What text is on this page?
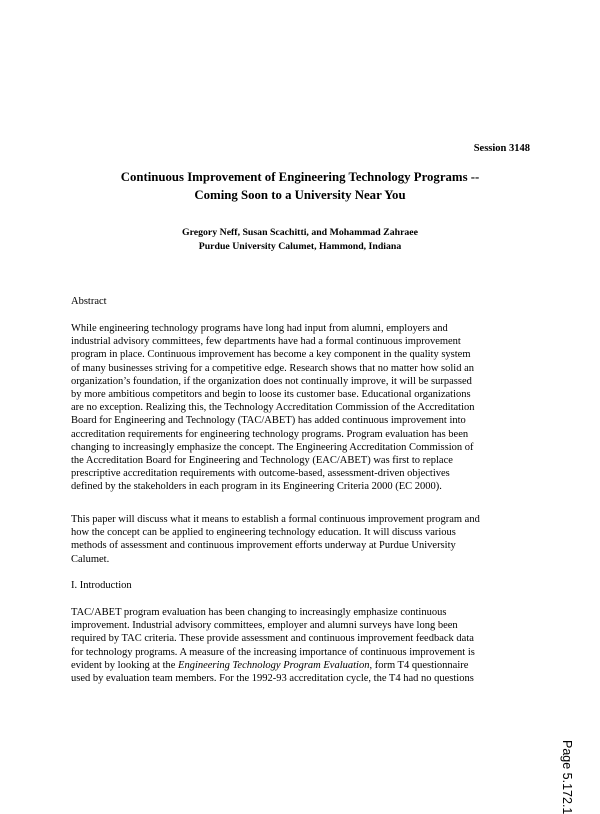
Session 3148
Continuous Improvement of Engineering Technology Programs --
Coming Soon to a University Near You
Gregory Neff, Susan Scachitti, and Mohammad Zahraee
Purdue University Calumet, Hammond, Indiana
Abstract
While engineering technology programs have long had input from alumni, employers and
industrial advisory committees, few departments have had a formal continuous improvement
program in place. Continuous improvement has become a key component in the quality system
of many businesses striving for a competitive edge. Research shows that no matter how solid an
organization’s foundation, if the organization does not continually improve, it will be surpassed
by more ambitious competitors and begin to loose its customer base. Educational organizations
are no exception. Realizing this, the Technology Accreditation Commission of the Accreditation
Board for Engineering and Technology (TAC/ABET) has added continuous improvement into
accreditation requirements for engineering technology programs. Program evaluation has been
changing to increasingly emphasize the concept. The Engineering Accreditation Commission of
the Accreditation Board for Engineering and Technology (EAC/ABET) was first to replace
prescriptive accreditation requirements with outcome-based, assessment-driven objectives
defined by the stakeholders in each program in its Engineering Criteria 2000 (EC 2000).
This paper will discuss what it means to establish a formal continuous improvement program and
how the concept can be applied to engineering technology education. It will discuss various
methods of assessment and continuous improvement efforts underway at Purdue University
Calumet.
I. Introduction
TAC/ABET program evaluation has been changing to increasingly emphasize continuous
improvement. Industrial advisory committees, employer and alumni surveys have long been
required by TAC criteria. These provide assessment and continuous improvement feedback data
for technology programs. A measure of the increasing importance of continuous improvement is
evident by looking at the Engineering Technology Program Evaluation, form T4 questionnaire
used by evaluation team members. For the 1992-93 accreditation cycle, the T4 had no questions
Page 5.172.1
